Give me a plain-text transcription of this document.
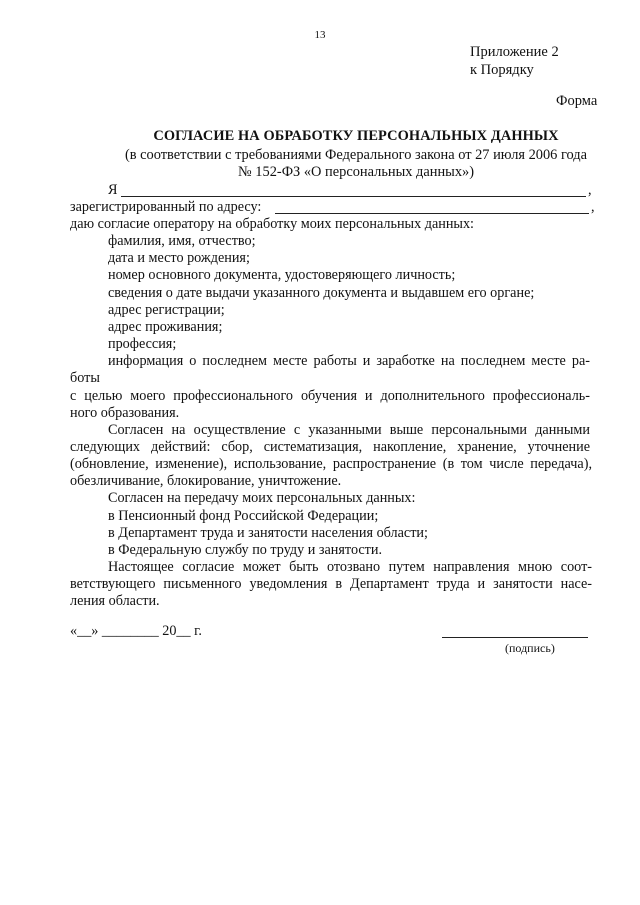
13
Приложение 2
к Порядку
Форма
СОГЛАСИЕ НА ОБРАБОТКУ ПЕРСОНАЛЬНЫХ ДАННЫХ
(в соответствии с требованиями Федерального закона от 27 июля 2006 года
№ 152-ФЗ «О персональных данных»)
Я	,
зарегистрированный по адресу:	,
даю согласие оператору на обработку моих персональных данных:
фамилия, имя, отчество;
дата и место рождения;
номер основного документа, удостоверяющего личность;
сведения о дате выдачи указанного документа и выдавшем его органе;
адрес регистрации;
адрес проживания;
профессия;
информация о последнем месте работы и заработке на последнем месте ра-
боты
с целью моего профессионального обучения и дополнительного профессиональ-
ного образования.
Согласен на осуществление с указанными выше персональными данными
следующих действий: сбор, систематизация, накопление, хранение, уточнение
(обновление, изменение), использование, распространение (в том числе передача),
обезличивание, блокирование, уничтожение.
Согласен на передачу моих персональных данных:
в Пенсионный фонд Российской Федерации;
в Департамент труда и занятости населения области;
в Федеральную службу по труду и занятости.
Настоящее согласие может быть отозвано путем направления мною соот-
ветствующего письменного уведомления в Департамент труда и занятости насе-
ления области.
«__» ________ 20__ г.
(подпись)
